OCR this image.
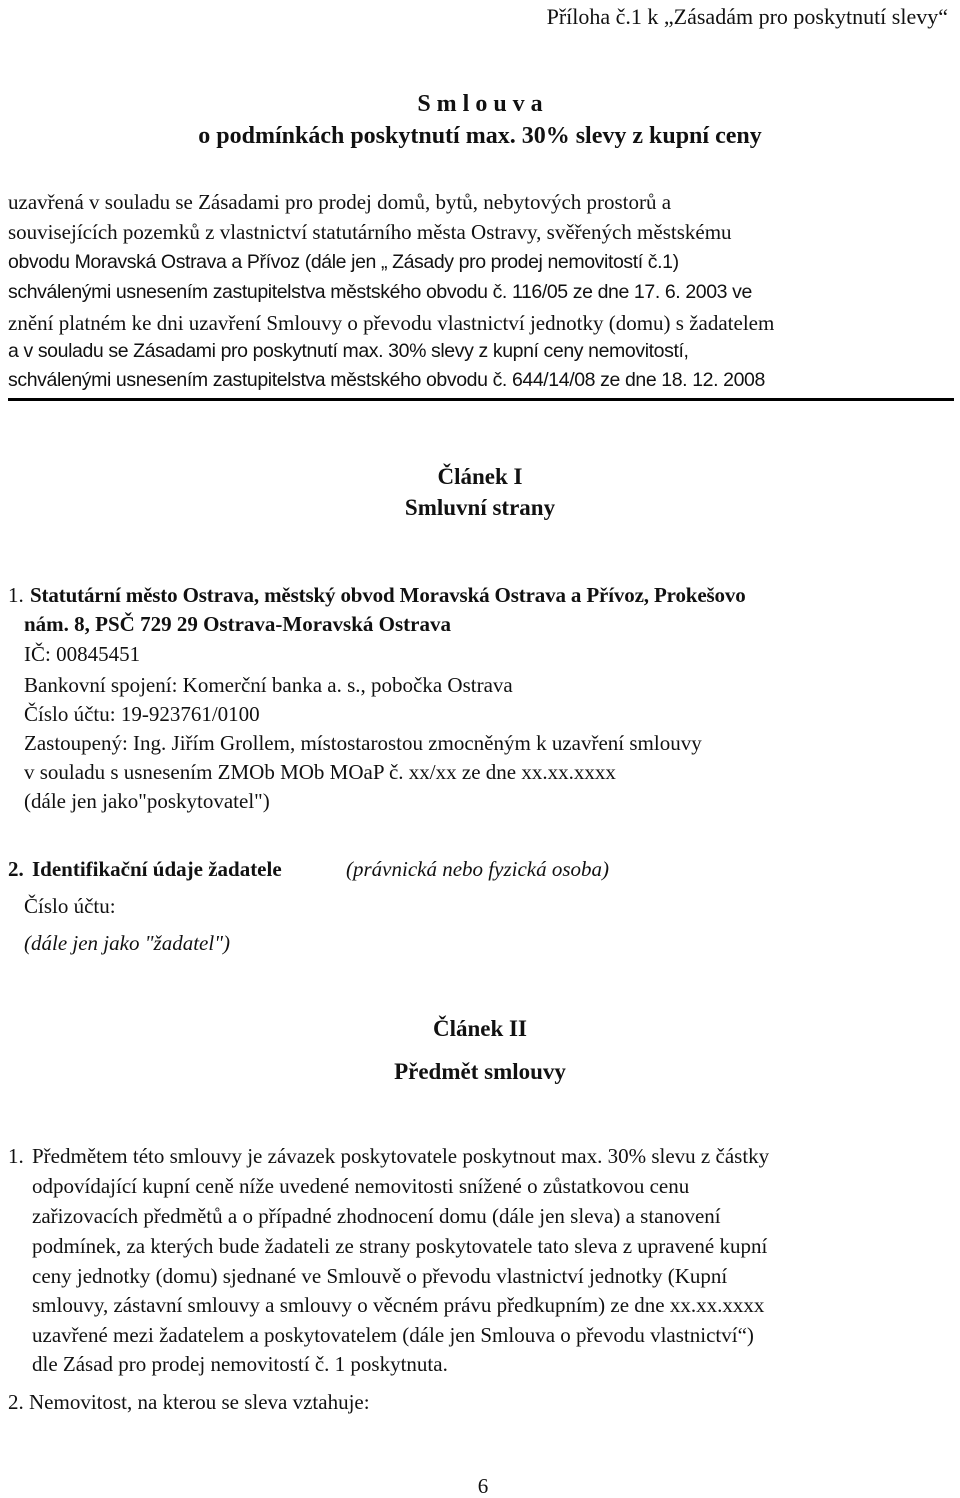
Příloha č.1 k „Zásadám pro poskytnutí slevy“
S m l o u v a
o podmínkách poskytnutí max. 30% slevy z kupní ceny
uzavřená v souladu se Zásadami pro prodej domů, bytů, nebytových prostorů a
souvisejících pozemků z vlastnictví statutárního města Ostravy, svěřených městskému
obvodu Moravská Ostrava a Přívoz (dále jen „ Zásady pro prodej nemovitostí č.1)
schválenými usnesením zastupitelstva městského obvodu č. 116/05 ze dne 17. 6. 2003 ve
znění platném ke dni uzavření Smlouvy o převodu vlastnictví jednotky (domu) s žadatelem
a v souladu se Zásadami pro poskytnutí max. 30% slevy z kupní ceny nemovitostí,
schválenými usnesením zastupitelstva městského obvodu č. 644/14/08 ze dne 18. 12. 2008
Článek I
Smluvní strany
1. Statutární město Ostrava, městský obvod Moravská Ostrava a Přívoz, Prokešovo
nám. 8, PSČ 729 29 Ostrava-Moravská Ostrava
IČ: 00845451
Bankovní spojení: Komerční banka a. s., pobočka Ostrava
Číslo účtu: 19-923761/0100
Zastoupený: Ing. Jiřím Grollem, místostarostou zmocněným k uzavření smlouvy
v souladu s usnesením ZMOb MOb MOaP č. xx/xx ze dne xx.xx.xxxx
(dále jen jako"poskytovatel")
2. Identifikační údaje žadatele	(právnická nebo fyzická osoba)
Číslo účtu:
(dále jen jako "žadatel")
Článek II
Předmět smlouvy
1. Předmětem této smlouvy je závazek poskytovatele poskytnout max. 30% slevu z částky
odpovídající kupní ceně níže uvedené nemovitosti snížené o zůstatkovou cenu
zařizovacích předmětů a o případné zhodnocení domu (dále jen sleva) a stanovení
podmínek, za kterých bude žadateli ze strany poskytovatele tato sleva z upravené kupní
ceny jednotky (domu) sjednané ve Smlouvě o převodu vlastnictví jednotky (Kupní
smlouvy, zástavní smlouvy a smlouvy o věcném právu předkupním) ze dne xx.xx.xxxx
uzavřené mezi žadatelem a poskytovatelem (dále jen Smlouva o převodu vlastnictví“)
dle Zásad pro prodej nemovitostí č. 1 poskytnuta.
2. Nemovitost, na kterou se sleva vztahuje:
6
